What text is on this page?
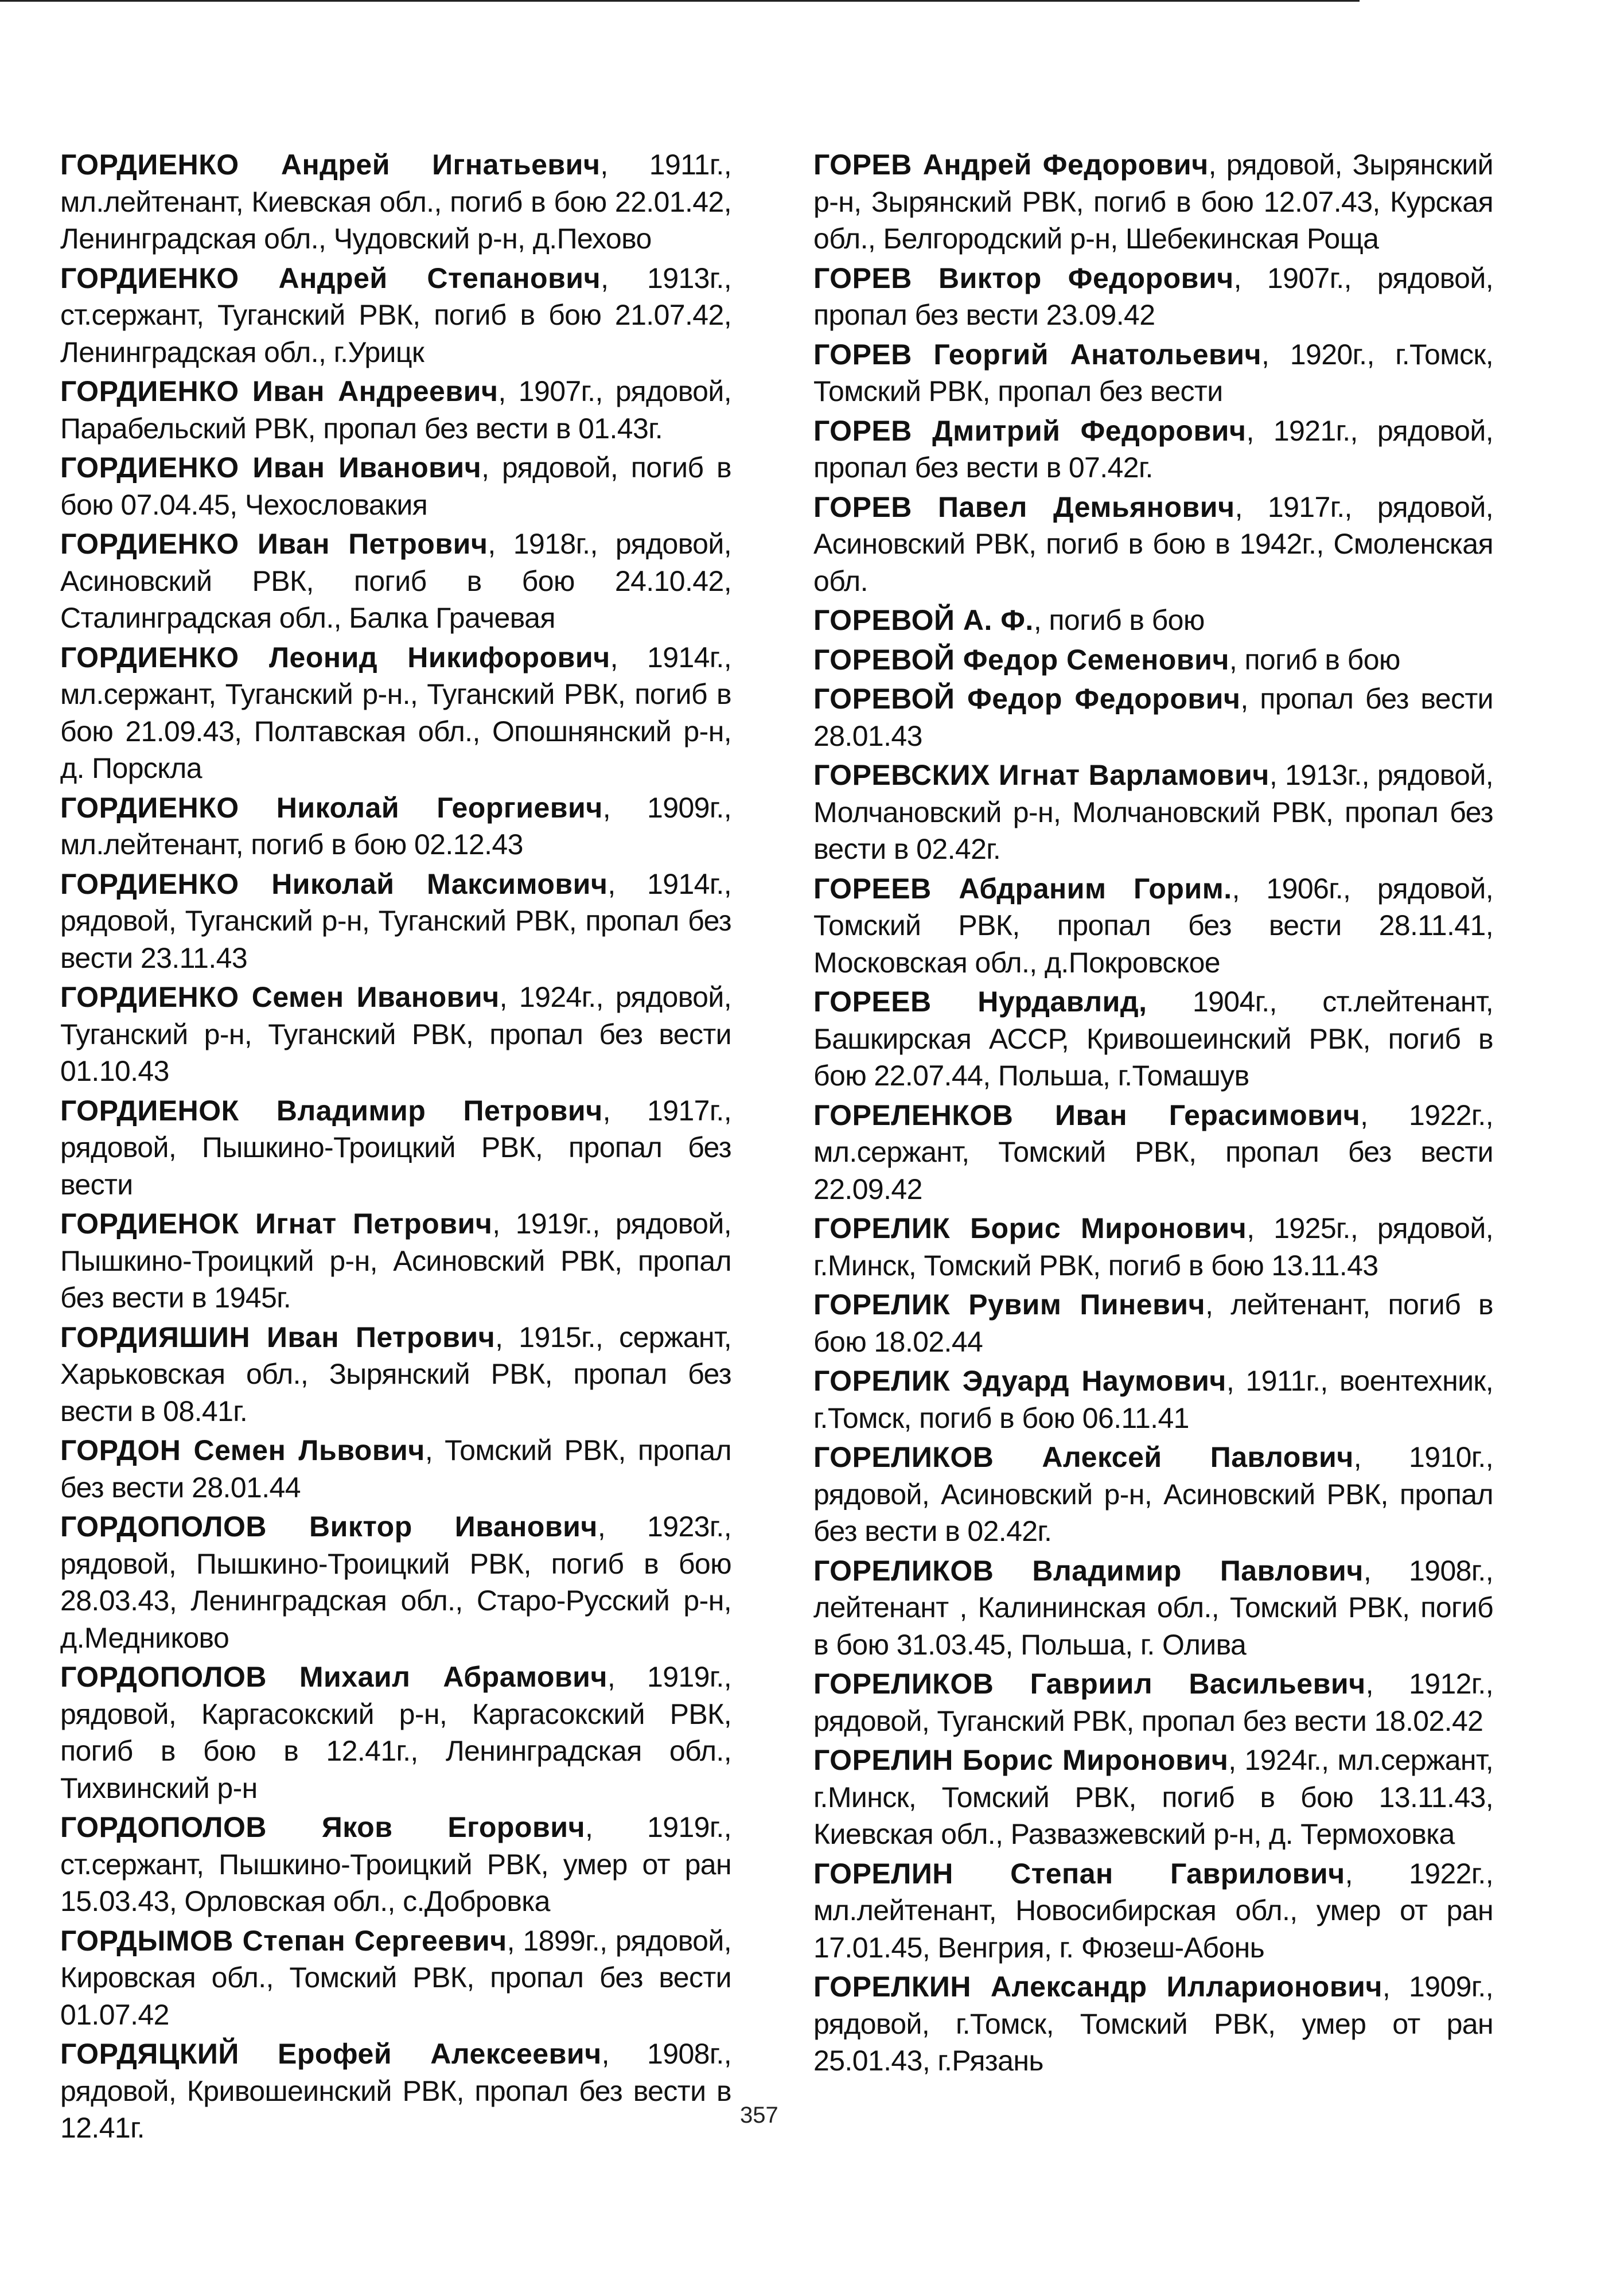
ГОРДИЕНКО Андрей Игнатьевич, 1911г., мл.лейтенант, Киевская обл., погиб в бою 22.01.42, Ленинградская обл., Чудовский р-н, д.Пехово

ГОРДИЕНКО Андрей Степанович, 1913г., ст.сержант, Туганский РВК, погиб в бою 21.07.42, Ленинградская обл., г.Урицк

ГОРДИЕНКО Иван Андреевич, 1907г., рядовой, Парабельский РВК, пропал без вести в 01.43г.

ГОРДИЕНКО Иван Иванович, рядовой, погиб в бою 07.04.45, Чехословакия

ГОРДИЕНКО Иван Петрович, 1918г., рядовой, Асиновский РВК, погиб в бою 24.10.42, Сталинградская обл., Балка Грачевая

ГОРДИЕНКО Леонид Никифорович, 1914г., мл.сержант, Туганский р-н., Туганский РВК, погиб в бою 21.09.43, Полтавская обл., Опошнянский р-н, д. Порскла

ГОРДИЕНКО Николай Георгиевич, 1909г., мл.лейтенант, погиб в бою 02.12.43

ГОРДИЕНКО Николай Максимович, 1914г., рядовой, Туганский р-н, Туганский РВК, пропал без вести 23.11.43

ГОРДИЕНКО Семен Иванович, 1924г., рядовой, Туганский р-н, Туганский РВК, пропал без вести 01.10.43

ГОРДИЕНОК Владимир Петрович, 1917г., рядовой, Пышкино-Троицкий РВК, пропал без вести

ГОРДИЕНОК Игнат Петрович, 1919г., рядовой, Пышкино-Троицкий р-н, Асиновский РВК, пропал без вести в 1945г.

ГОРДИЯШИН Иван Петрович, 1915г., сержант, Харьковская обл., Зырянский РВК, пропал без вести в 08.41г.

ГОРДОН Семен Львович, Томский РВК, пропал без вести 28.01.44

ГОРДОПОЛОВ Виктор Иванович, 1923г., рядовой, Пышкино-Троицкий РВК, погиб в бою 28.03.43, Ленинградская обл., Старо-Русский р-н, д.Медниково

ГОРДОПОЛОВ Михаил Абрамович, 1919г., рядовой, Каргасокский р-н, Каргасокский РВК, погиб в бою в 12.41г., Ленинградская обл., Тихвинский р-н

ГОРДОПОЛОВ Яков Егорович, 1919г., ст.сержант, Пышкино-Троицкий РВК, умер от ран 15.03.43, Орловская обл., с.Добровка

ГОРДЫМОВ Степан Сергеевич, 1899г., рядовой, Кировская обл., Томский РВК, пропал без вести 01.07.42

ГОРДЯЦКИЙ Ерофей Алексеевич, 1908г., рядовой, Кривошеинский РВК, пропал без вести в 12.41г.

ГОРЕВ Андрей Федорович, рядовой, Зырянский р-н, Зырянский РВК, погиб в бою 12.07.43, Курская обл., Белгородский р-н, Шебекинская Роща

ГОРЕВ Виктор Федорович, 1907г., рядовой, пропал без вести 23.09.42

ГОРЕВ Георгий Анатольевич, 1920г., г.Томск, Томский РВК, пропал без вести

ГОРЕВ Дмитрий Федорович, 1921г., рядовой, пропал без вести в 07.42г.

ГОРЕВ Павел Демьянович, 1917г., рядовой, Асиновский РВК, погиб в бою в 1942г., Смоленская обл.

ГОРЕВОЙ А. Ф., погиб в бою

ГОРЕВОЙ Федор Семенович, погиб в бою

ГОРЕВОЙ Федор Федорович, пропал без вести 28.01.43

ГОРЕВСКИХ Игнат Варламович, 1913г., рядовой, Молчановский р-н, Молчановский РВК, пропал без вести в 02.42г.

ГОРЕЕВ Абдраним Горим., 1906г., рядовой, Томский РВК, пропал без вести 28.11.41, Московская обл., д.Покровское

ГОРЕЕВ Нурдавлид, 1904г., ст.лейтенант, Башкирская АССР, Кривошеинский РВК, погиб в бою 22.07.44, Польша, г.Томашув

ГОРЕЛЕНКОВ Иван Герасимович, 1922г., мл.сержант, Томский РВК, пропал без вести 22.09.42

ГОРЕЛИК Борис Миронович, 1925г., рядовой, г.Минск, Томский РВК, погиб в бою 13.11.43

ГОРЕЛИК Рувим Пиневич, лейтенант, погиб в бою 18.02.44

ГОРЕЛИК Эдуард Наумович, 1911г., воентехник, г.Томск, погиб в бою 06.11.41

ГОРЕЛИКОВ Алексей Павлович, 1910г., рядовой, Асиновский р-н, Асиновский РВК, пропал без вести в 02.42г.

ГОРЕЛИКОВ Владимир Павлович, 1908г., лейтенант , Калининская обл., Томский РВК, погиб в бою 31.03.45, Польша, г. Олива

ГОРЕЛИКОВ Гавриил Васильевич, 1912г., рядовой, Туганский РВК, пропал без вести 18.02.42

ГОРЕЛИН Борис Миронович, 1924г., мл.сержант, г.Минск, Томский РВК, погиб в бою 13.11.43, Киевская обл., Развазжевский р-н, д. Термоховка

ГОРЕЛИН Степан Гаврилович, 1922г., мл.лейтенант, Новосибирская обл., умер от ран 17.01.45, Венгрия, г. Фюзеш-Абонь

ГОРЕЛКИН Александр Илларионович, 1909г., рядовой, г.Томск, Томский РВК, умер от ран 25.01.43, г.Рязань

357
